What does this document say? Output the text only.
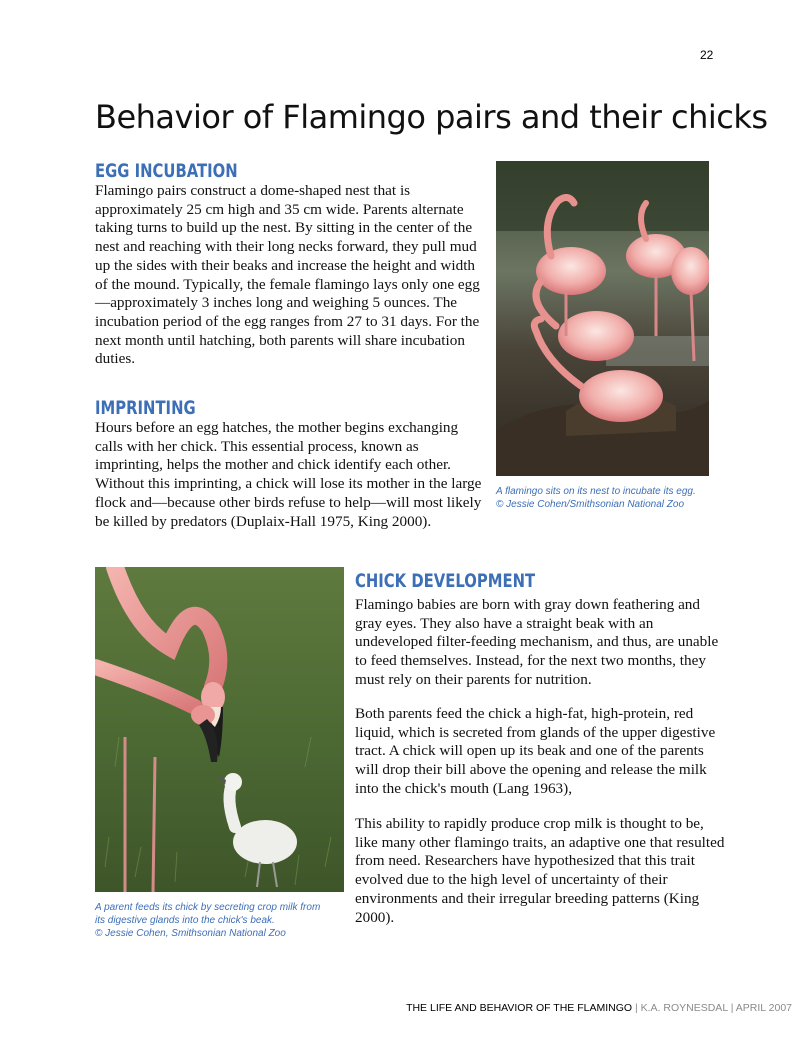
22
Behavior of Flamingo pairs and their chicks
EGG INCUBATION

Flamingo pairs construct a dome-shaped nest that is approximately 25 cm high and 35 cm wide. Parents alternate taking turns to build up the nest. By sitting in the center of the nest and reaching with their long necks forward, they pull mud up the sides with their beaks and increase the height and width of the mound. Typically, the female flamingo lays only one egg—approximately 3 inches long and weighing 5 ounces. The incubation period of the egg ranges from 27 to 31 days. For the next month until hatching, both parents will share incubation duties.

IMPRINTING

Hours before an egg hatches, the mother begins exchanging calls with her chick. This essential process, known as imprinting, helps the mother and chick identify each other. Without this imprinting, a chick will lose its mother in the large flock and—because other birds refuse to help—will most likely be killed by predators (Duplaix-Hall 1975, King 2000).

A flamingo sits on its nest to incubate its egg.
© Jessie Cohen/Smithsonian National Zoo
A parent feeds its chick by secreting crop milk from
its digestive glands into the chick's beak.
© Jessie Cohen, Smithsonian National Zoo
CHICK DEVELOPMENT

Flamingo babies are born with gray down feathering and gray eyes. They also have a straight beak with an undeveloped filter-feeding mechanism, and thus, are unable to feed themselves. Instead, for the next two months, they must rely on their parents for nutrition.

Both parents feed the chick a high-fat, high-protein, red liquid, which is secreted from glands of the upper digestive tract. A chick will open up its beak and one of the parents will drop their bill above the opening and release the milk into the chick's mouth (Lang 1963),

This ability to rapidly produce crop milk is thought to be, like many other flamingo traits, an adaptive one that resulted from need. Researchers have hypothesized that this trait evolved due to the high level of uncertainty of their environments and their irregular breeding patterns (King 2000).

THE LIFE AND BEHAVIOR OF THE FLAMINGO | K.A. ROYNESDAL | APRIL 2007
